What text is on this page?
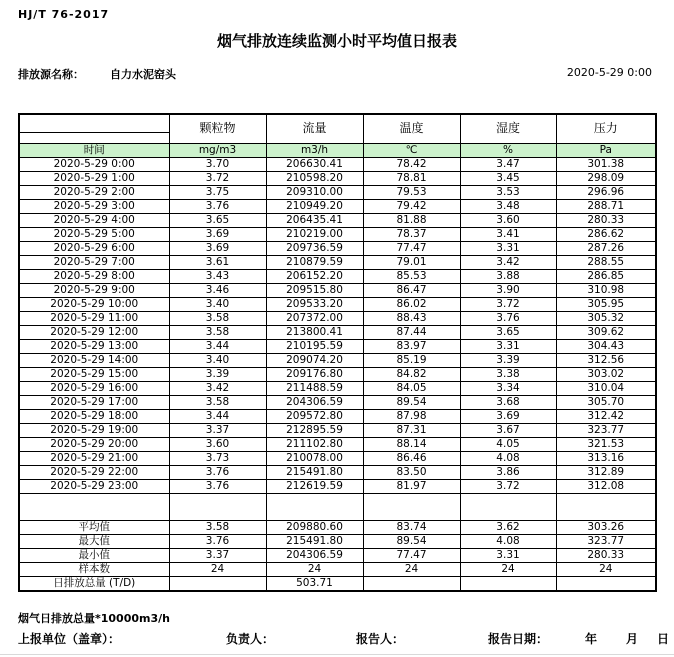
HJ/T 76-2017
烟气排放连续监测小时平均值日报表
排放源名称： 自力水泥窑头	2020-5-29 0:00
	颗粒物	流量	温度	湿度	压力

时间	mg/m3	m3/h	℃	%	Pa
2020-5-29 0:00	3.70	206630.41	78.42	3.47	301.38
2020-5-29 1:00	3.72	210598.20	78.81	3.45	298.09
2020-5-29 2:00	3.75	209310.00	79.53	3.53	296.96
2020-5-29 3:00	3.76	210949.20	79.42	3.48	288.71
2020-5-29 4:00	3.65	206435.41	81.88	3.60	280.33
2020-5-29 5:00	3.69	210219.00	78.37	3.41	286.62
2020-5-29 6:00	3.69	209736.59	77.47	3.31	287.26
2020-5-29 7:00	3.61	210879.59	79.01	3.42	288.55
2020-5-29 8:00	3.43	206152.20	85.53	3.88	286.85
2020-5-29 9:00	3.46	209515.80	86.47	3.90	310.98
2020-5-29 10:00	3.40	209533.20	86.02	3.72	305.95
2020-5-29 11:00	3.58	207372.00	88.43	3.76	305.32
2020-5-29 12:00	3.58	213800.41	87.44	3.65	309.62
2020-5-29 13:00	3.44	210195.59	83.97	3.31	304.43
2020-5-29 14:00	3.40	209074.20	85.19	3.39	312.56
2020-5-29 15:00	3.39	209176.80	84.82	3.38	303.02
2020-5-29 16:00	3.42	211488.59	84.05	3.34	310.04
2020-5-29 17:00	3.58	204306.59	89.54	3.68	305.70
2020-5-29 18:00	3.44	209572.80	87.98	3.69	312.42
2020-5-29 19:00	3.37	212895.59	87.31	3.67	323.77
2020-5-29 20:00	3.60	211102.80	88.14	4.05	321.53
2020-5-29 21:00	3.73	210078.00	86.46	4.08	313.16
2020-5-29 22:00	3.76	215491.80	83.50	3.86	312.89
2020-5-29 23:00	3.76	212619.59	81.97	3.72	312.08

平均值	3.58	209880.60	83.74	3.62	303.26
最大值	3.76	215491.80	89.54	4.08	323.77
最小值	3.37	204306.59	77.47	3.31	280.33
样本数	24	24	24	24	24
日排放总量 (T/D)		503.71			
烟气日排放总量*10000m3/h
上报单位（盖章）：	负责人：	报告人：	报告日期：	年 月 日
